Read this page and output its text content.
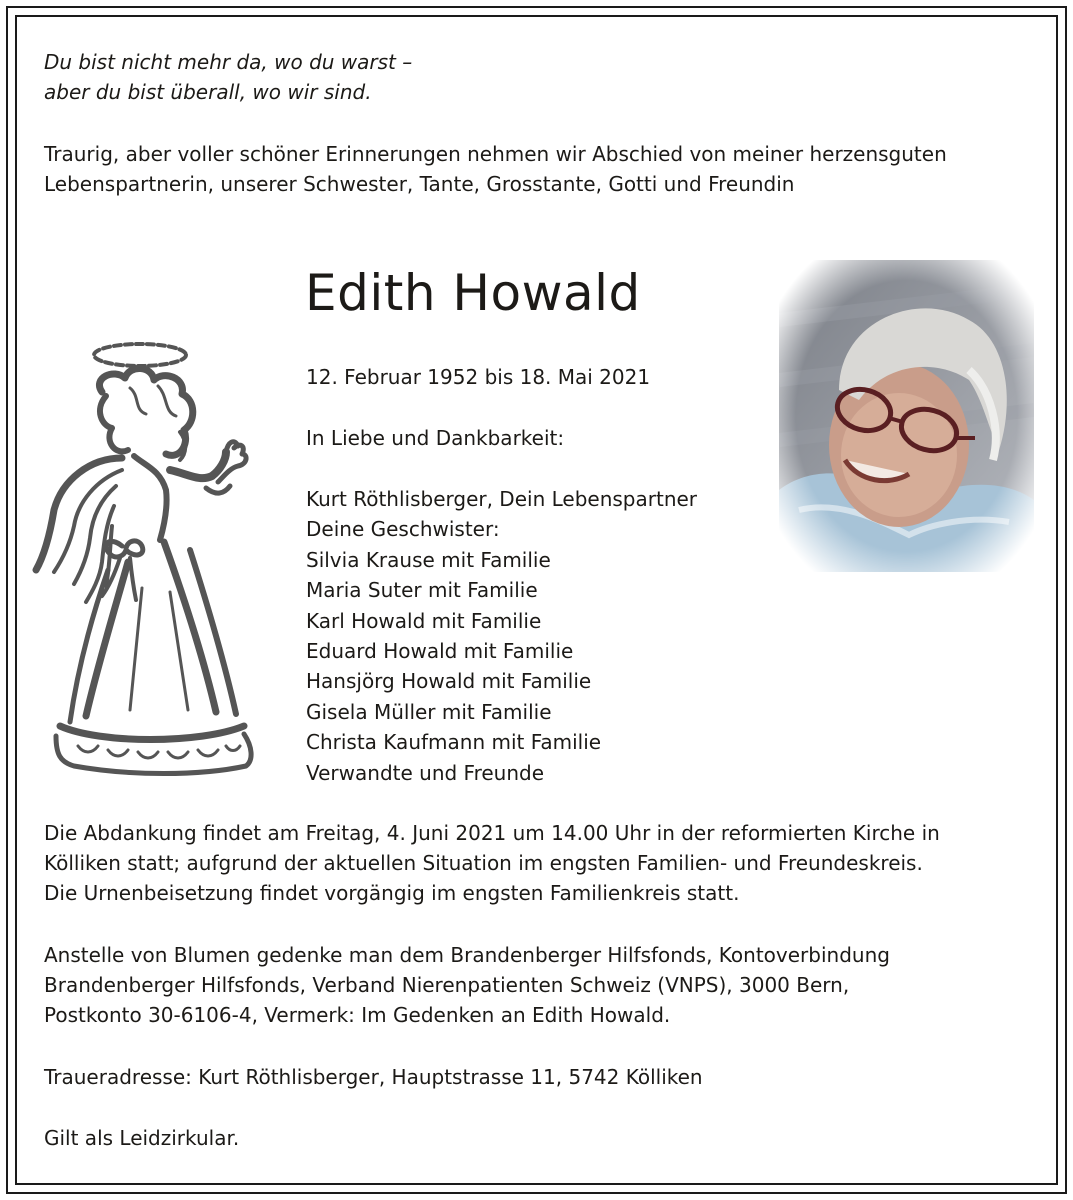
Du bist nicht mehr da, wo du warst –
aber du bist überall, wo wir sind.

Traurig, aber voller schöner Erinnerungen nehmen wir Abschied von meiner herzensguten
Lebenspartnerin, unserer Schwester, Tante, Grosstante, Gotti und Freundin

Edith Howald

12. Februar 1952 bis 18. Mai 2021

In Liebe und Dankbarkeit:

Kurt Röthlisberger, Dein Lebenspartner
Deine Geschwister:
Silvia Krause mit Familie
Maria Suter mit Familie
Karl Howald mit Familie
Eduard Howald mit Familie
Hansjörg Howald mit Familie
Gisela Müller mit Familie
Christa Kaufmann mit Familie
Verwandte und Freunde

Die Abdankung findet am Freitag, 4. Juni 2021 um 14.00 Uhr in der reformierten Kirche in
Kölliken statt; aufgrund der aktuellen Situation im engsten Familien- und Freundeskreis.
Die Urnenbeisetzung findet vorgängig im engsten Familienkreis statt.

Anstelle von Blumen gedenke man dem Brandenberger Hilfsfonds, Kontoverbindung
Brandenberger Hilfsfonds, Verband Nierenpatienten Schweiz (VNPS), 3000 Bern,
Postkonto 30-6106-4, Vermerk: Im Gedenken an Edith Howald.

Traueradresse: Kurt Röthlisberger, Hauptstrasse 11, 5742 Kölliken

Gilt als Leidzirkular.
